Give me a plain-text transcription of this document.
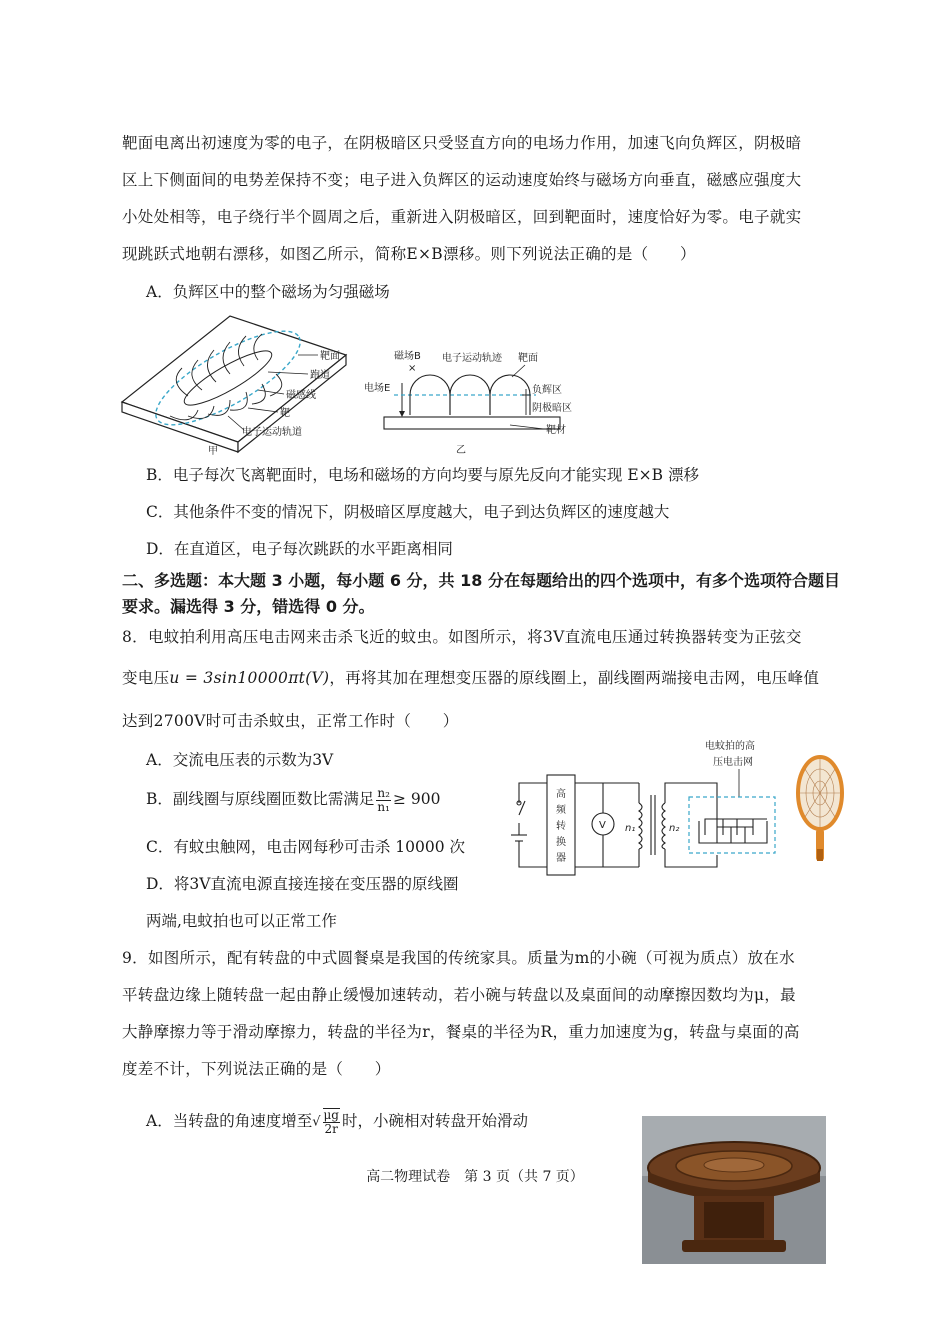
靶面电离出初速度为零的电子，在阴极暗区只受竖直方向的电场力作用，加速飞向负辉区，阴极暗
区上下侧面间的电势差保持不变；电子进入负辉区的运动速度始终与磁场方向垂直，磁感应强度大
小处处相等，电子绕行半个圆周之后，重新进入阴极暗区，回到靶面时，速度恰好为零。电子就实
现跳跃式地朝右漂移，如图乙所示，简称E×B漂移。则下列说法正确的是（　　）
A．负辉区中的整个磁场为匀强磁场
靶面
跑道
磁感线
靶
电子运动轨道
甲
磁场B
×
电子运动轨迹 靶面
电场E	负辉区
阴极暗区
靶材
乙
B．电子每次飞离靶面时，电场和磁场的方向均要与原先反向才能实现 E×B 漂移
C．其他条件不变的情况下，阴极暗区厚度越大，电子到达负辉区的速度越大
D．在直道区，电子每次跳跃的水平距离相同
二、多选题：本大题 3 小题，每小题 6 分，共 18 分在每题给出的四个选项中，有多个选项符合题目要求。漏选得 3 分，错选得 0 分。
8．电蚊拍利用高压电击网来击杀飞近的蚊虫。如图所示，将3V直流电压通过转换器转变为正弦交
变电压u = 3sin10000πt(V)，再将其加在理想变压器的原线圈上，副线圈两端接电击网，电压峰值
达到2700V时可击杀蚊虫，正常工作时（　　）
A．交流电压表的示数为3V
B．副线圈与原线圈匝数比需满足 $\frac{\text{n₂}}{\text{n₁}} \ge 900$
C．有蚊虫触网，电击网每秒可击杀 10000 次
D．将3V直流电源直接连接在变压器的原线圈
两端,电蚊拍也可以正常工作
电蚊拍的高
压电击网
高
频
转
换
器
V n₁	n₂
9．如图所示，配有转盘的中式圆餐桌是我国的传统家具。质量为m的小碗（可视为质点）放在水
平转盘边缘上随转盘一起由静止缓慢加速转动，若小碗与转盘以及桌面间的动摩擦因数均为μ，最
大静摩擦力等于滑动摩擦力，转盘的半径为r，餐桌的半径为R，重力加速度为g，转盘与桌面的高
度差不计，下列说法正确的是（　　）
A．当转盘的角速度增至√ $\frac{\mu g}{2r}$ 时，小碗相对转盘开始滑动
高二物理试卷　第 3 页（共 7 页）
